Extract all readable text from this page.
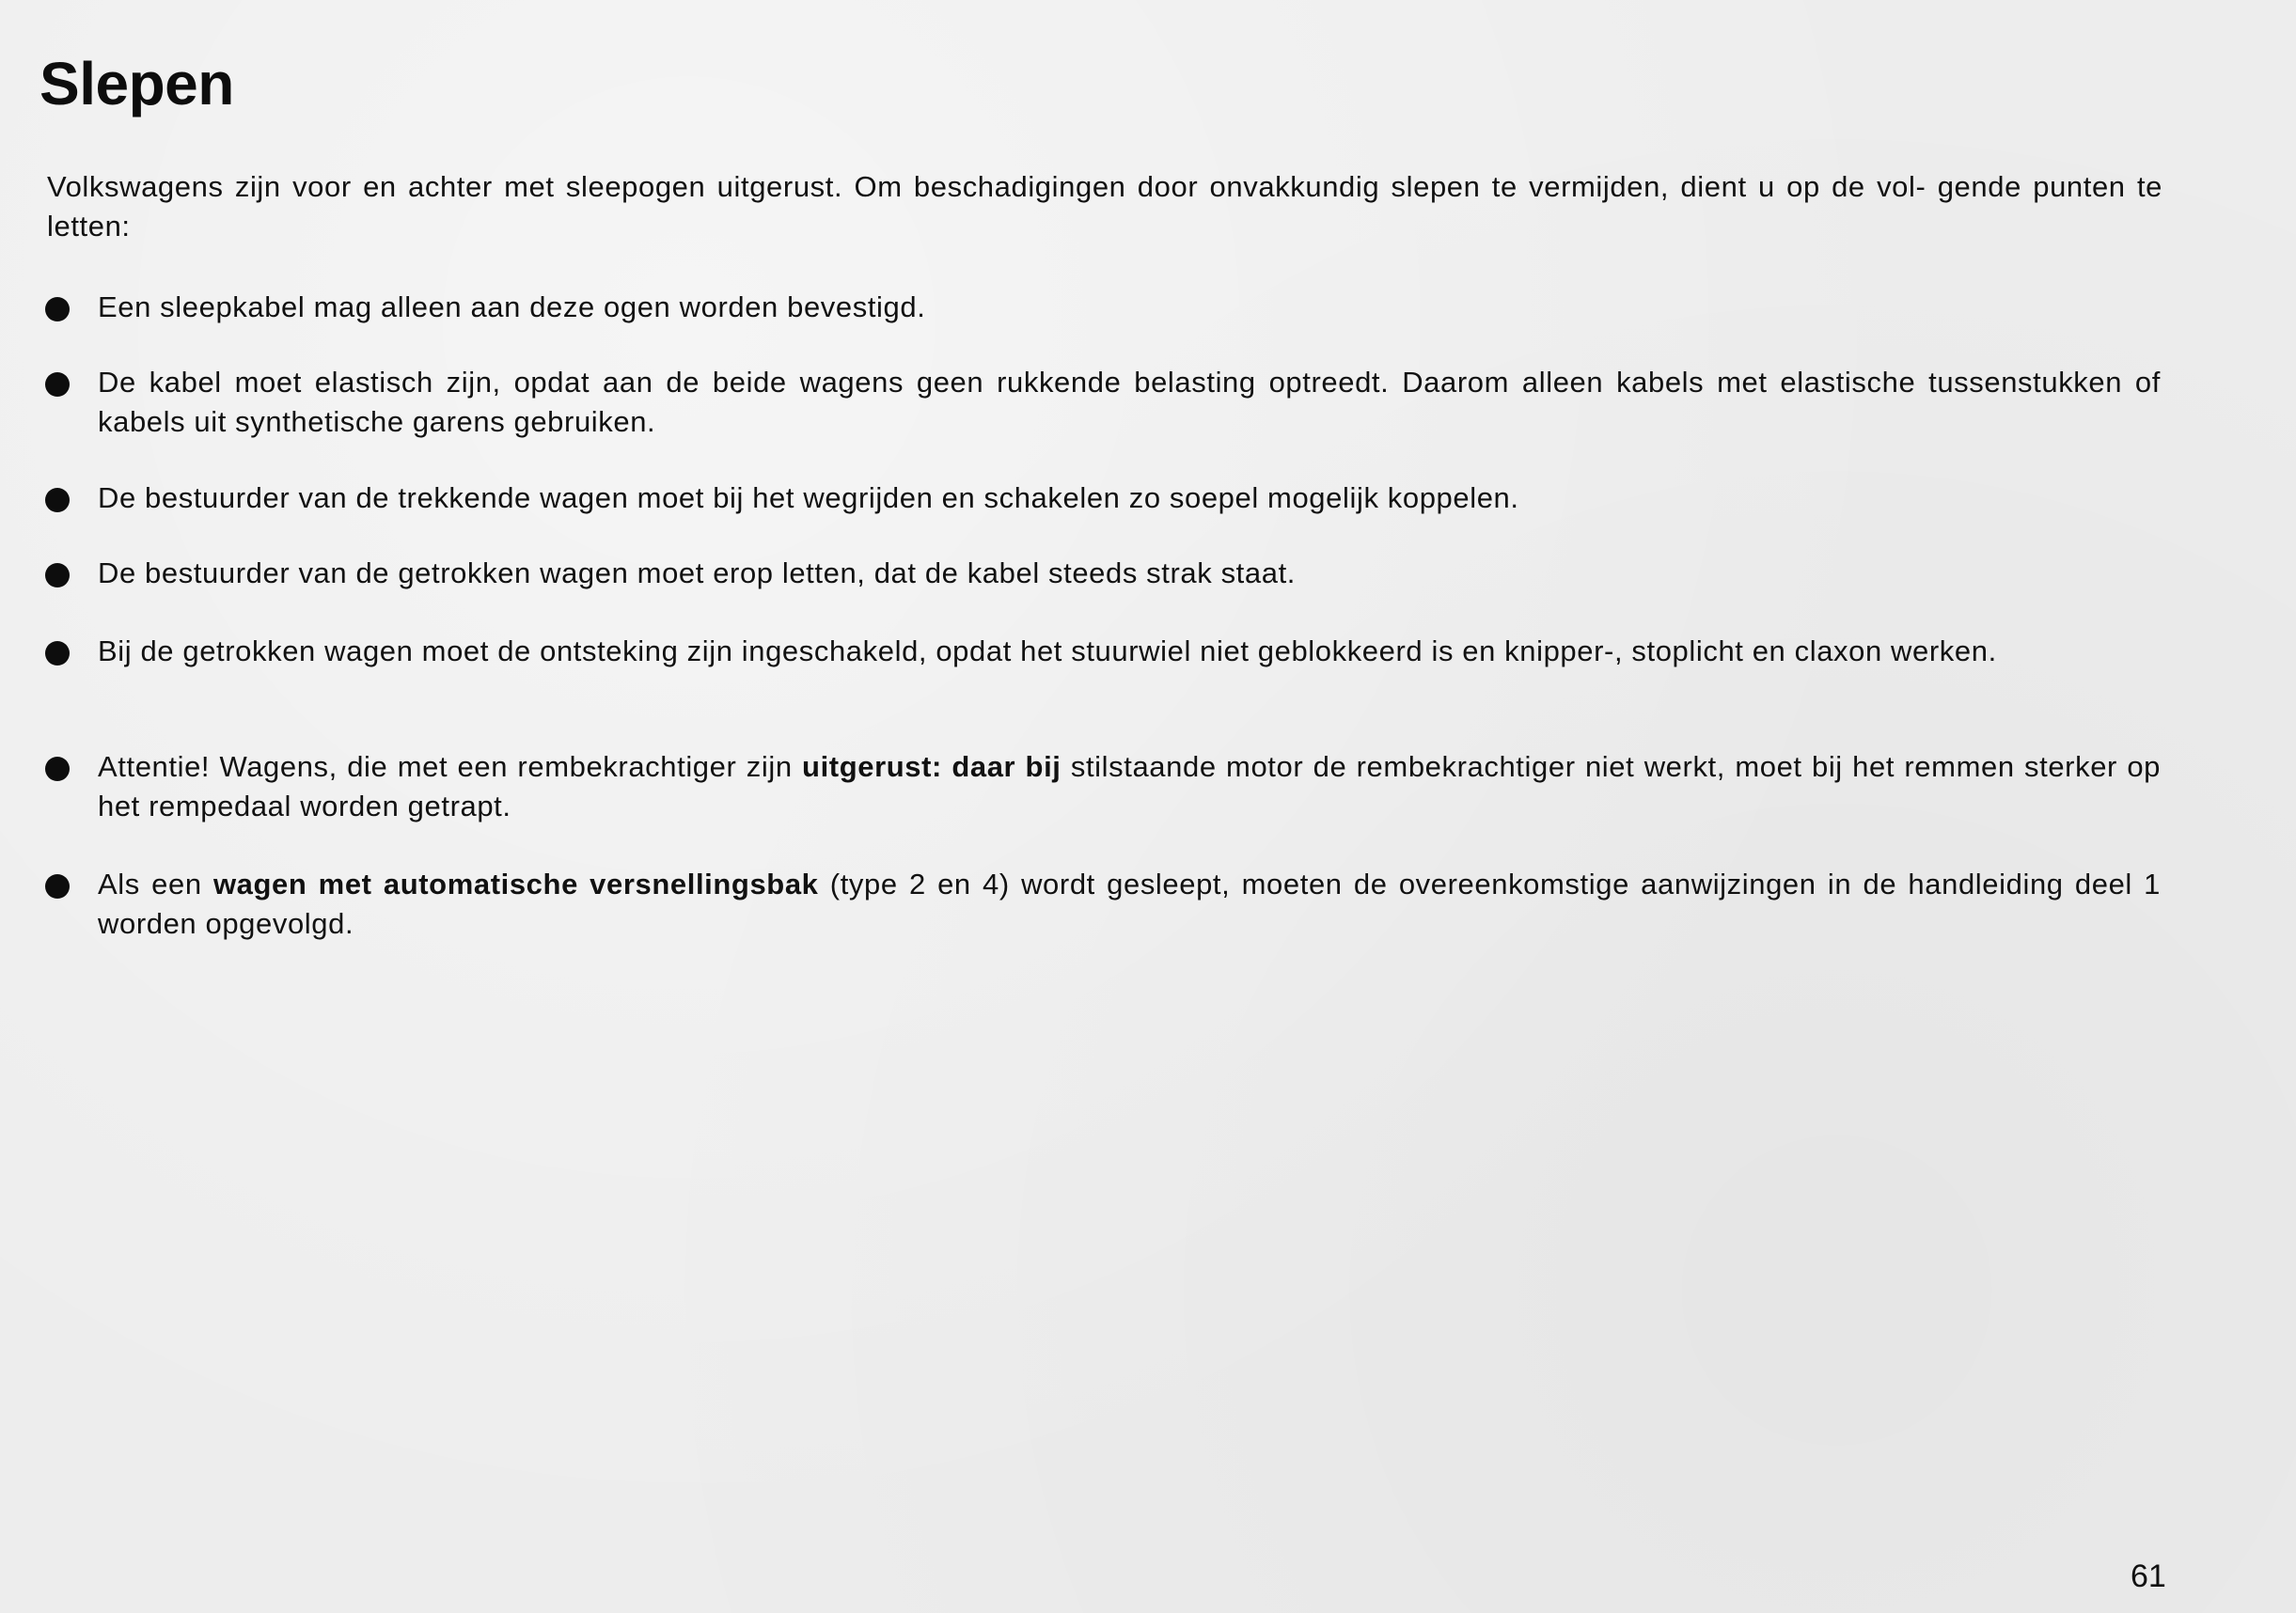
Slepen

Volkswagens zijn voor en achter met sleepogen uitgerust. Om beschadigingen door onvakkundig slepen te vermijden, dient u op de vol- gende punten te letten:

Een sleepkabel mag alleen aan deze ogen worden bevestigd.
De kabel moet elastisch zijn, opdat aan de beide wagens geen rukkende belasting optreedt. Daarom alleen kabels met elastische tussenstukken of kabels uit synthetische garens gebruiken.
De bestuurder van de trekkende wagen moet bij het wegrijden en schakelen zo soepel mogelijk koppelen.
De bestuurder van de getrokken wagen moet erop letten, dat de kabel steeds strak staat.
Bij de getrokken wagen moet de ontsteking zijn ingeschakeld, opdat het stuurwiel niet geblokkeerd is en knipper-, stoplicht en claxon werken.
Attentie! Wagens, die met een rembekrachtiger zijn uitgerust: daar bij stilstaande motor de rembekrachtiger niet werkt, moet bij het remmen sterker op het rempedaal worden getrapt.
Als een wagen met automatische versnellingsbak (type 2 en 4) wordt gesleept, moeten de overeenkomstige aanwijzingen in de handleiding deel 1 worden opgevolgd.
61
